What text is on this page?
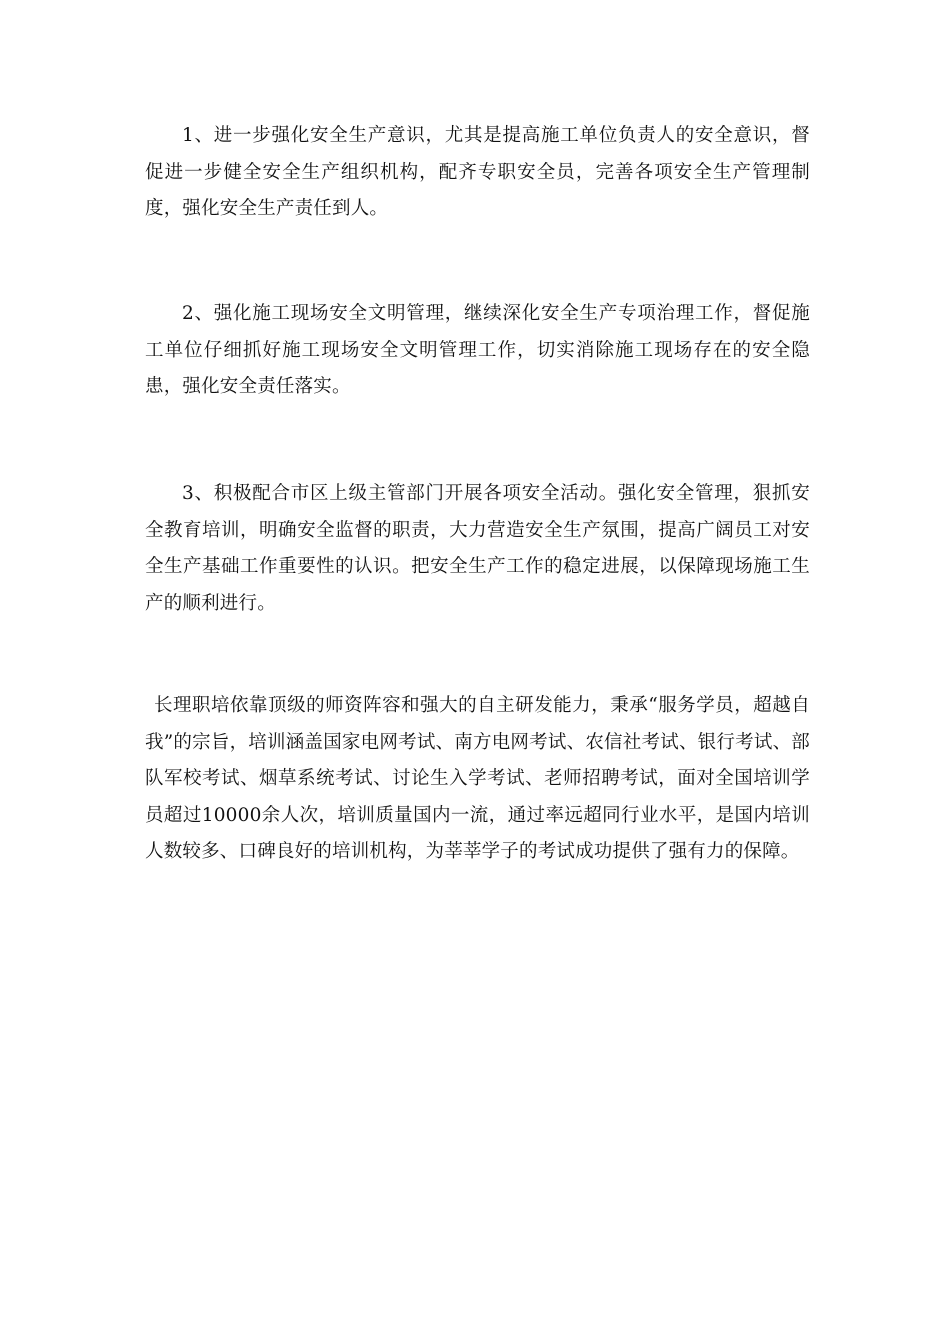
1、进一步强化安全生产意识，尤其是提高施工单位负责人的安全意识，督促进一步健全安全生产组织机构，配齐专职安全员，完善各项安全生产管理制度，强化安全生产责任到人。

2、强化施工现场安全文明管理，继续深化安全生产专项治理工作，督促施工单位仔细抓好施工现场安全文明管理工作，切实消除施工现场存在的安全隐患，强化安全责任落实。

3、积极配合市区上级主管部门开展各项安全活动。强化安全管理，狠抓安全教育培训，明确安全监督的职责，大力营造安全生产氛围，提高广阔员工对安全生产基础工作重要性的认识。把安全生产工作的稳定进展，以保障现场施工生产的顺利进行。

长理职培依靠顶级的师资阵容和强大的自主研发能力，秉承“服务学员，超越自我”的宗旨，培训涵盖国家电网考试、南方电网考试、农信社考试、银行考试、部队军校考试、烟草系统考试、讨论生入学考试、老师招聘考试，面对全国培训学员超过10000余人次，培训质量国内一流，通过率远超同行业水平，是国内培训人数较多、口碑良好的培训机构，为莘莘学子的考试成功提供了强有力的保障。
